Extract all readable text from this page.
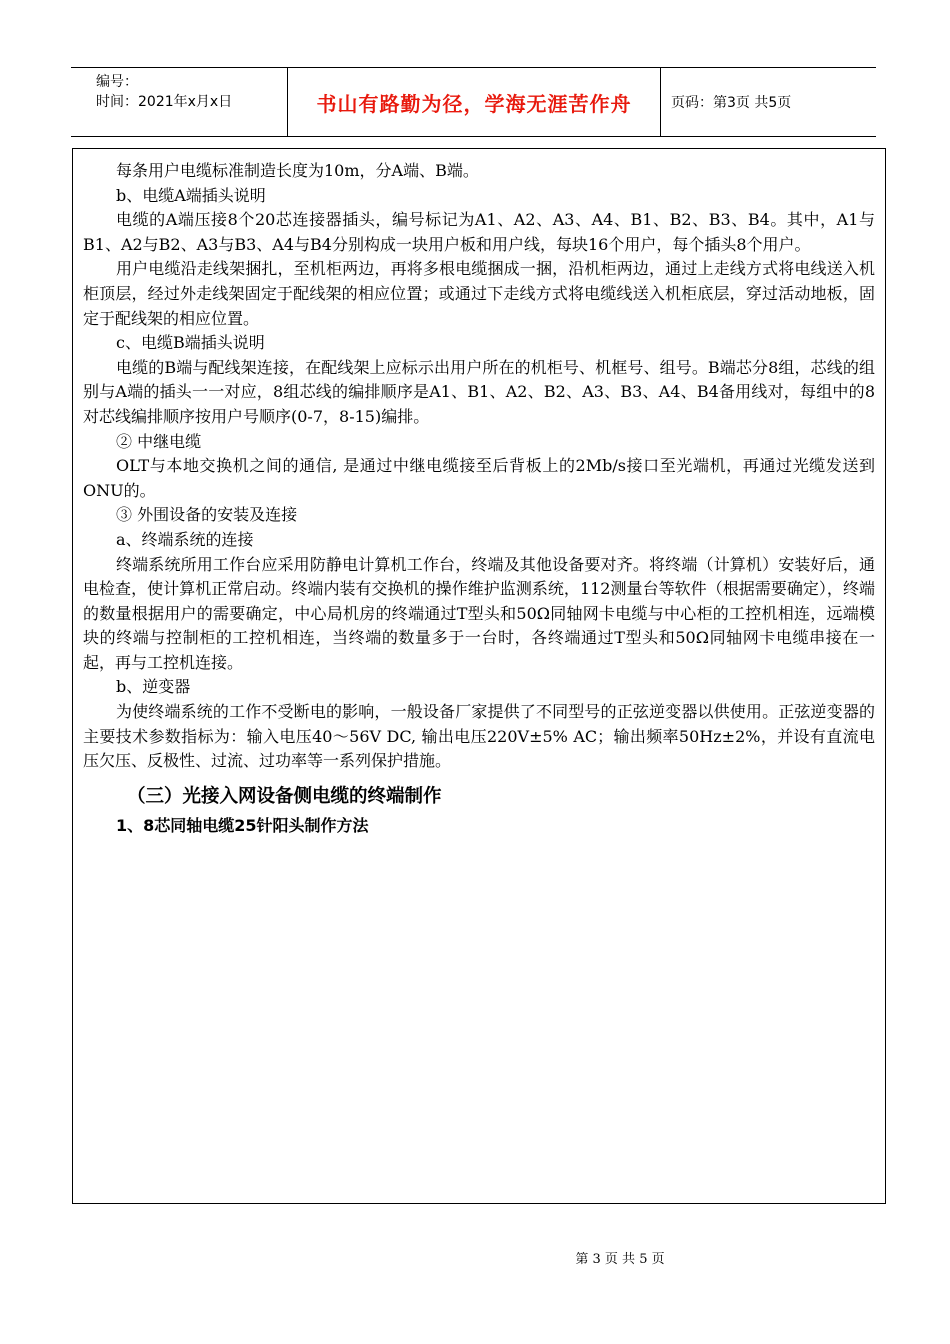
编号：
时间：2021年x月x日	书山有路勤为径，学海无涯苦作舟	页码：第3页 共5页

每条用户电缆标准制造长度为10m，分A端、B端。

b、电缆A端插头说明

电缆的A端压接8个20芯连接器插头，编号标记为A1、A2、A3、A4、B1、B2、B3、B4。其中，A1与B1、A2与B2、A3与B3、A4与B4分别构成一块用户板和用户线，每块16个用户，每个插头8个用户。

用户电缆沿走线架捆扎，至机柜两边，再将多根电缆捆成一捆，沿机柜两边，通过上走线方式将电线送入机柜顶层，经过外走线架固定于配线架的相应位置；或通过下走线方式将电缆线送入机柜底层，穿过活动地板，固定于配线架的相应位置。

c、电缆B端插头说明

电缆的B端与配线架连接，在配线架上应标示出用户所在的机柜号、机框号、组号。B端芯分8组，芯线的组别与A端的插头一一对应，8组芯线的编排顺序是A1、B1、A2、B2、A3、B3、A4、B4备用线对，每组中的8对芯线编排顺序按用户号顺序(0-7，8-15)编排。

② 中继电缆

OLT与本地交换机之间的通信, 是通过中继电缆接至后背板上的2Mb/s接口至光端机，再通过光缆发送到ONU的。

③ 外围设备的安装及连接

a、终端系统的连接

终端系统所用工作台应采用防静电计算机工作台，终端及其他设备要对齐。将终端（计算机）安装好后，通电检查，使计算机正常启动。终端内装有交换机的操作维护监测系统，112测量台等软件（根据需要确定），终端的数量根据用户的需要确定，中心局机房的终端通过T型头和50Ω同轴网卡电缆与中心柜的工控机相连，远端模块的终端与控制柜的工控机相连，当终端的数量多于一台时，各终端通过T型头和50Ω同轴网卡电缆串接在一起，再与工控机连接。

b、逆变器

为使终端系统的工作不受断电的影响，一般设备厂家提供了不同型号的正弦逆变器以供使用。正弦逆变器的主要技术参数指标为：输入电压40～56V DC, 输出电压220V±5% AC；输出频率50Hz±2%，并设有直流电压欠压、反极性、过流、过功率等一系列保护措施。

（三）光接入网设备侧电缆的终端制作
1、8芯同轴电缆25针阳头制作方法
第 3 页 共 5 页
